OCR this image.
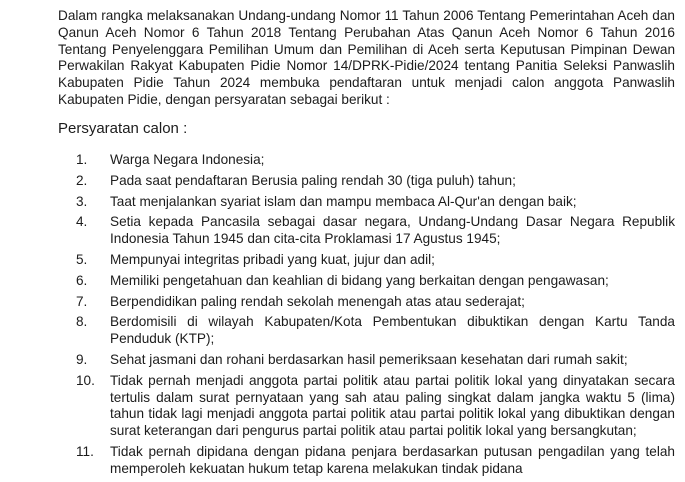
Dalam rangka melaksanakan Undang-undang Nomor 11 Tahun 2006 Tentang Pemerintahan Aceh dan Qanun Aceh Nomor 6 Tahun 2018 Tentang Perubahan Atas Qanun Aceh Nomor 6 Tahun 2016 Tentang Penyelenggara Pemilihan Umum dan Pemilihan di Aceh serta Keputusan Pimpinan Dewan Perwakilan Rakyat Kabupaten Pidie Nomor 14/DPRK-Pidie/2024 tentang Panitia Seleksi Panwaslih Kabupaten Pidie Tahun 2024 membuka pendaftaran untuk menjadi calon anggota Panwaslih Kabupaten Pidie, dengan persyaratan sebagai berikut :

Persyaratan calon :
1. Warga Negara Indonesia;
2. Pada saat pendaftaran Berusia paling rendah 30 (tiga puluh) tahun;
3. Taat menjalankan syariat islam dan mampu membaca Al-Qur'an dengan baik;
4. Setia kepada Pancasila sebagai dasar negara, Undang-Undang Dasar Negara Republik Indonesia Tahun 1945 dan cita-cita Proklamasi 17 Agustus 1945;
5. Mempunyai integritas pribadi yang kuat, jujur dan adil;
6. Memiliki pengetahuan dan keahlian di bidang yang berkaitan dengan pengawasan;
7. Berpendidikan paling rendah sekolah menengah atas atau sederajat;
8. Berdomisili di wilayah Kabupaten/Kota Pembentukan dibuktikan dengan Kartu Tanda Penduduk (KTP);
9. Sehat jasmani dan rohani berdasarkan hasil pemeriksaan kesehatan dari rumah sakit;
10. Tidak pernah menjadi anggota partai politik atau partai politik lokal yang dinyatakan secara tertulis dalam surat pernyataan yang sah atau paling singkat dalam jangka waktu 5 (lima) tahun tidak lagi menjadi anggota partai politik atau partai politik lokal yang dibuktikan dengan surat keterangan dari pengurus partai politik atau partai politik lokal yang bersangkutan;
11. Tidak pernah dipidana dengan pidana penjara berdasarkan putusan pengadilan yang telah memperoleh kekuatan hukum tetap karena melakukan tindak pidana
